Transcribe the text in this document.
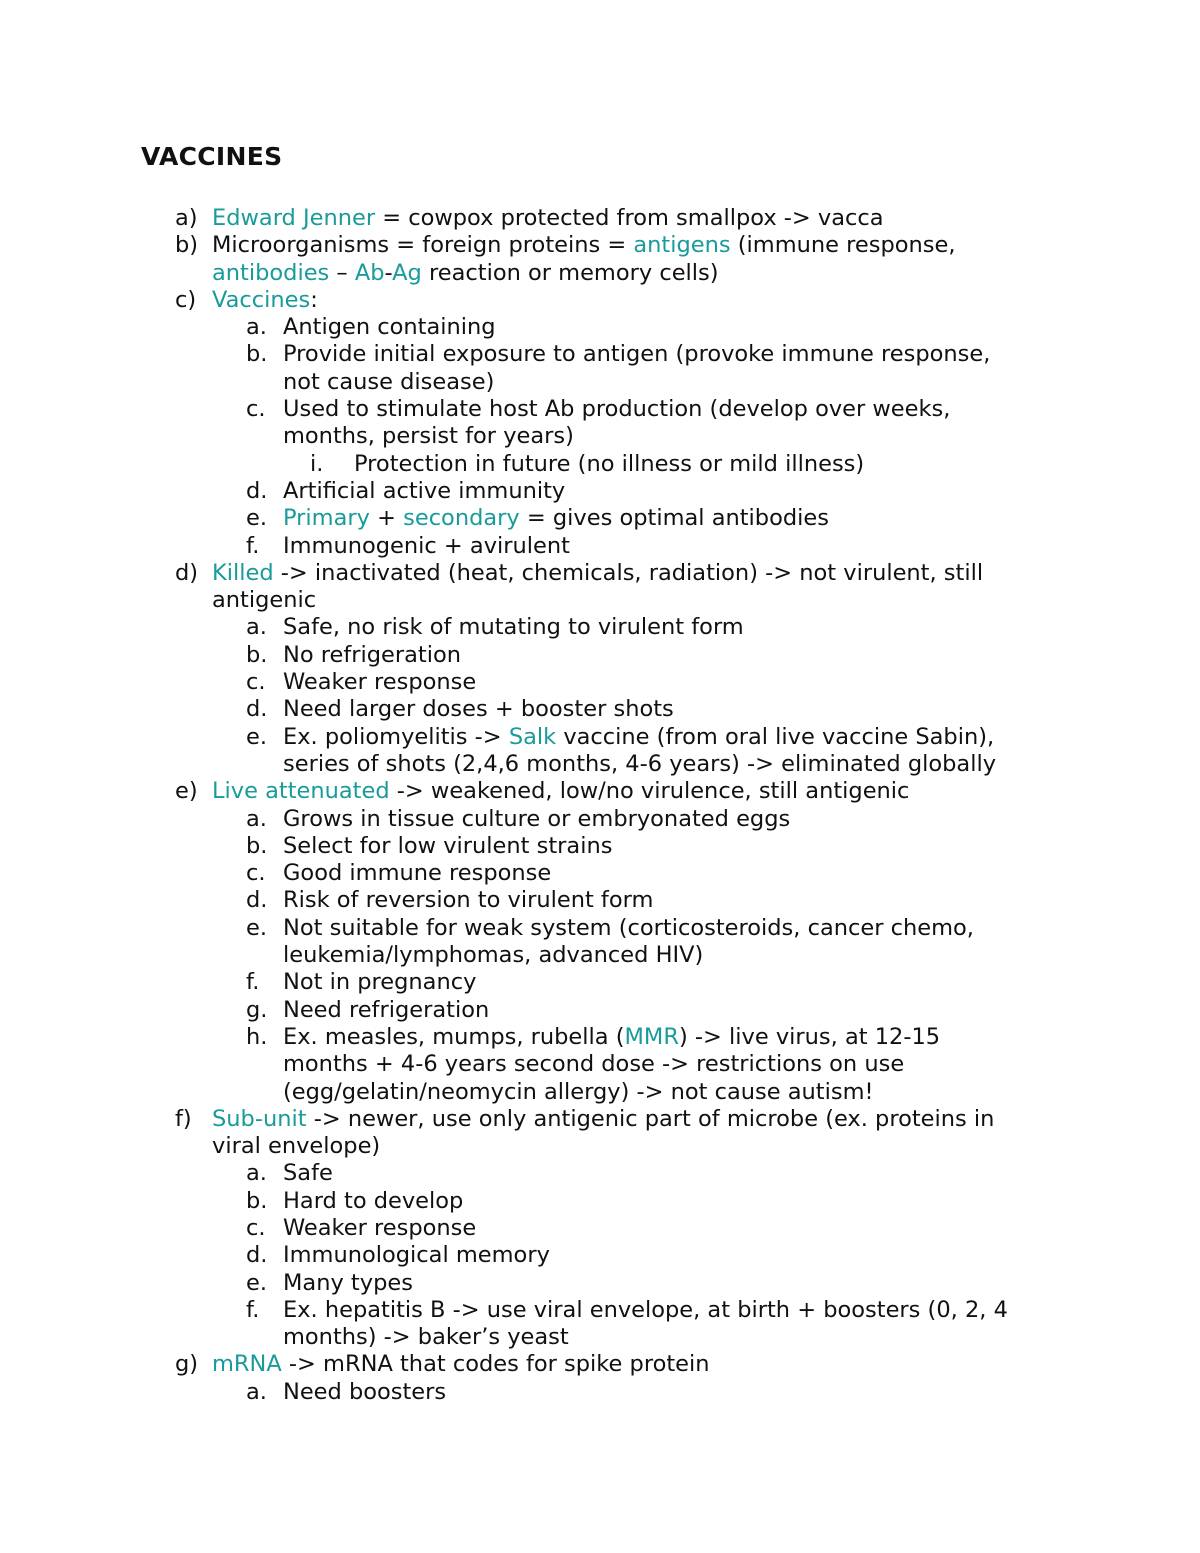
VACCINES
a) Edward Jenner = cowpox protected from smallpox -> vacca
b) Microorganisms = foreign proteins = antigens (immune response,
antibodies – Ab-Ag reaction or memory cells)
c) Vaccines:
a. Antigen containing
b. Provide initial exposure to antigen (provoke immune response,
not cause disease)
c. Used to stimulate host Ab production (develop over weeks,
months, persist for years)
i. Protection in future (no illness or mild illness)
d. Artificial active immunity
e. Primary + secondary = gives optimal antibodies
f. Immunogenic + avirulent
d) Killed -> inactivated (heat, chemicals, radiation) -> not virulent, still
antigenic
a. Safe, no risk of mutating to virulent form
b. No refrigeration
c. Weaker response
d. Need larger doses + booster shots
e. Ex. poliomyelitis -> Salk vaccine (from oral live vaccine Sabin),
series of shots (2,4,6 months, 4-6 years) -> eliminated globally
e) Live attenuated -> weakened, low/no virulence, still antigenic
a. Grows in tissue culture or embryonated eggs
b. Select for low virulent strains
c. Good immune response
d. Risk of reversion to virulent form
e. Not suitable for weak system (corticosteroids, cancer chemo,
leukemia/lymphomas, advanced HIV)
f. Not in pregnancy
g. Need refrigeration
h. Ex. measles, mumps, rubella (MMR) -> live virus, at 12-15
months + 4-6 years second dose -> restrictions on use
(egg/gelatin/neomycin allergy) -> not cause autism!
f) Sub-unit -> newer, use only antigenic part of microbe (ex. proteins in
viral envelope)
a. Safe
b. Hard to develop
c. Weaker response
d. Immunological memory
e. Many types
f. Ex. hepatitis B -> use viral envelope, at birth + boosters (0, 2, 4
months) -> baker’s yeast
g) mRNA -> mRNA that codes for spike protein
a. Need boosters
